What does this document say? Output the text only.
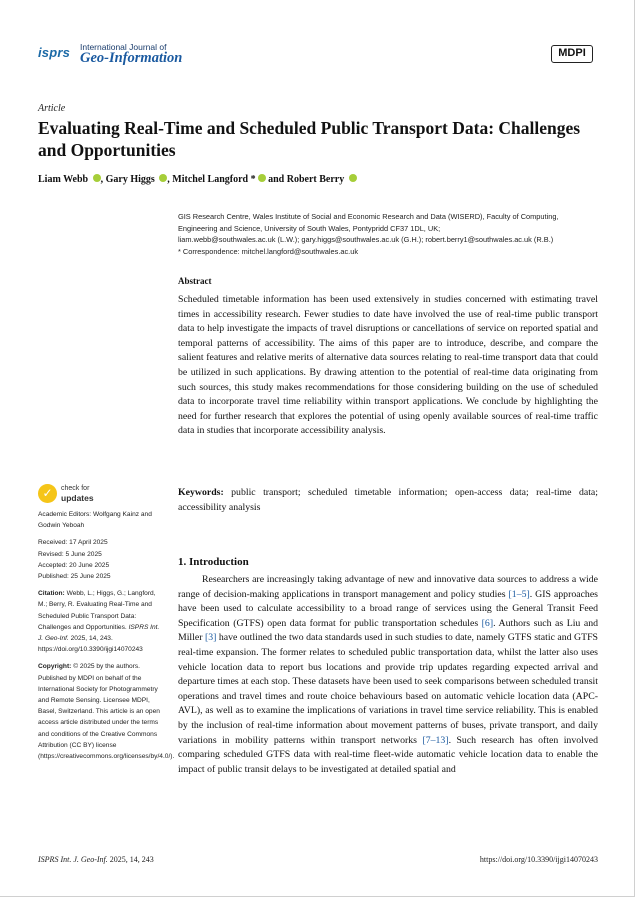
isprs International Journal of
Geo-Information	MDPI
Article
Evaluating Real-Time and Scheduled Public Transport Data: Challenges and Opportunities
Liam Webb , Gary Higgs , Mitchel Langford * and Robert Berry
GIS Research Centre, Wales Institute of Social and Economic Research and Data (WISERD), Faculty of Computing,
Engineering and Science, University of South Wales, Pontypridd CF37 1DL, UK;
liam.webb@southwales.ac.uk (L.W.); gary.higgs@southwales.ac.uk (G.H.); robert.berry1@southwales.ac.uk (R.B.)
* Correspondence: mitchel.langford@southwales.ac.uk
Abstract
Scheduled timetable information has been used extensively in studies concerned with estimating travel times in accessibility research. Fewer studies to date have involved the use of real-time public transport data to help investigate the impacts of travel disruptions or cancellations of service on reported spatial and temporal patterns of accessibility. The aims of this paper are to introduce, describe, and compare the salient features and relative merits of alternative data sources relating to real-time transport data that could be utilized in such applications. By drawing attention to the potential of real-time data originating from such sources, this study makes recommendations for those considering building on the use of scheduled data to incorporate travel time reliability within transport applications. We conclude by highlighting the need for further research that explores the potential of using openly available sources of real-time traffic data in studies that incorporate accessibility analysis.
Keywords: public transport; scheduled timetable information; open-access data; real-time data; accessibility analysis
✓	check for
updates
Academic Editors: Wolfgang Kainz and Godwin Yeboah
Received: 17 April 2025
Revised: 5 June 2025
Accepted: 20 June 2025
Published: 25 June 2025
Citation: Webb, L.; Higgs, G.; Langford, M.; Berry, R. Evaluating Real-Time and Scheduled Public Transport Data: Challenges and Opportunities. ISPRS Int. J. Geo-Inf. 2025, 14, 243. https://doi.org/10.3390/ijgi14070243
Copyright: © 2025 by the authors. Published by MDPI on behalf of the International Society for Photogrammetry and Remote Sensing. Licensee MDPI, Basel, Switzerland. This article is an open access article distributed under the terms and conditions of the Creative Commons Attribution (CC BY) license (https://creativecommons.org/licenses/by/4.0/).
1. Introduction
Researchers are increasingly taking advantage of new and innovative data sources to address a wide range of decision-making applications in transport management and policy studies [1–5]. GIS approaches have been used to calculate accessibility to a broad range of services using the General Transit Feed Specification (GTFS) open data format for public transportation schedules [6]. Authors such as Liu and Miller [3] have outlined the two data standards used in such studies to date, namely GTFS static and GTFS real-time expansion. The former relates to scheduled public transportation data, whilst the latter also uses vehicle location data to report bus locations and provide trip updates regarding expected arrival and departure times at each stop. These datasets have been used to seek comparisons between scheduled transit operations and travel times and route choice behaviours based on automatic vehicle location data (APC-AVL), as well as to examine the implications of variations in travel time service reliability. This is enabled by the inclusion of real-time information about movement patterns of buses, private transport, and daily variations in mobility patterns within transport networks [7–13]. Such research has often involved comparing scheduled GTFS data with real-time fleet-wide automatic vehicle location data to enable the impact of public transit delays to be investigated at detailed spatial and
ISPRS Int. J. Geo-Inf. 2025, 14, 243	https://doi.org/10.3390/ijgi14070243
